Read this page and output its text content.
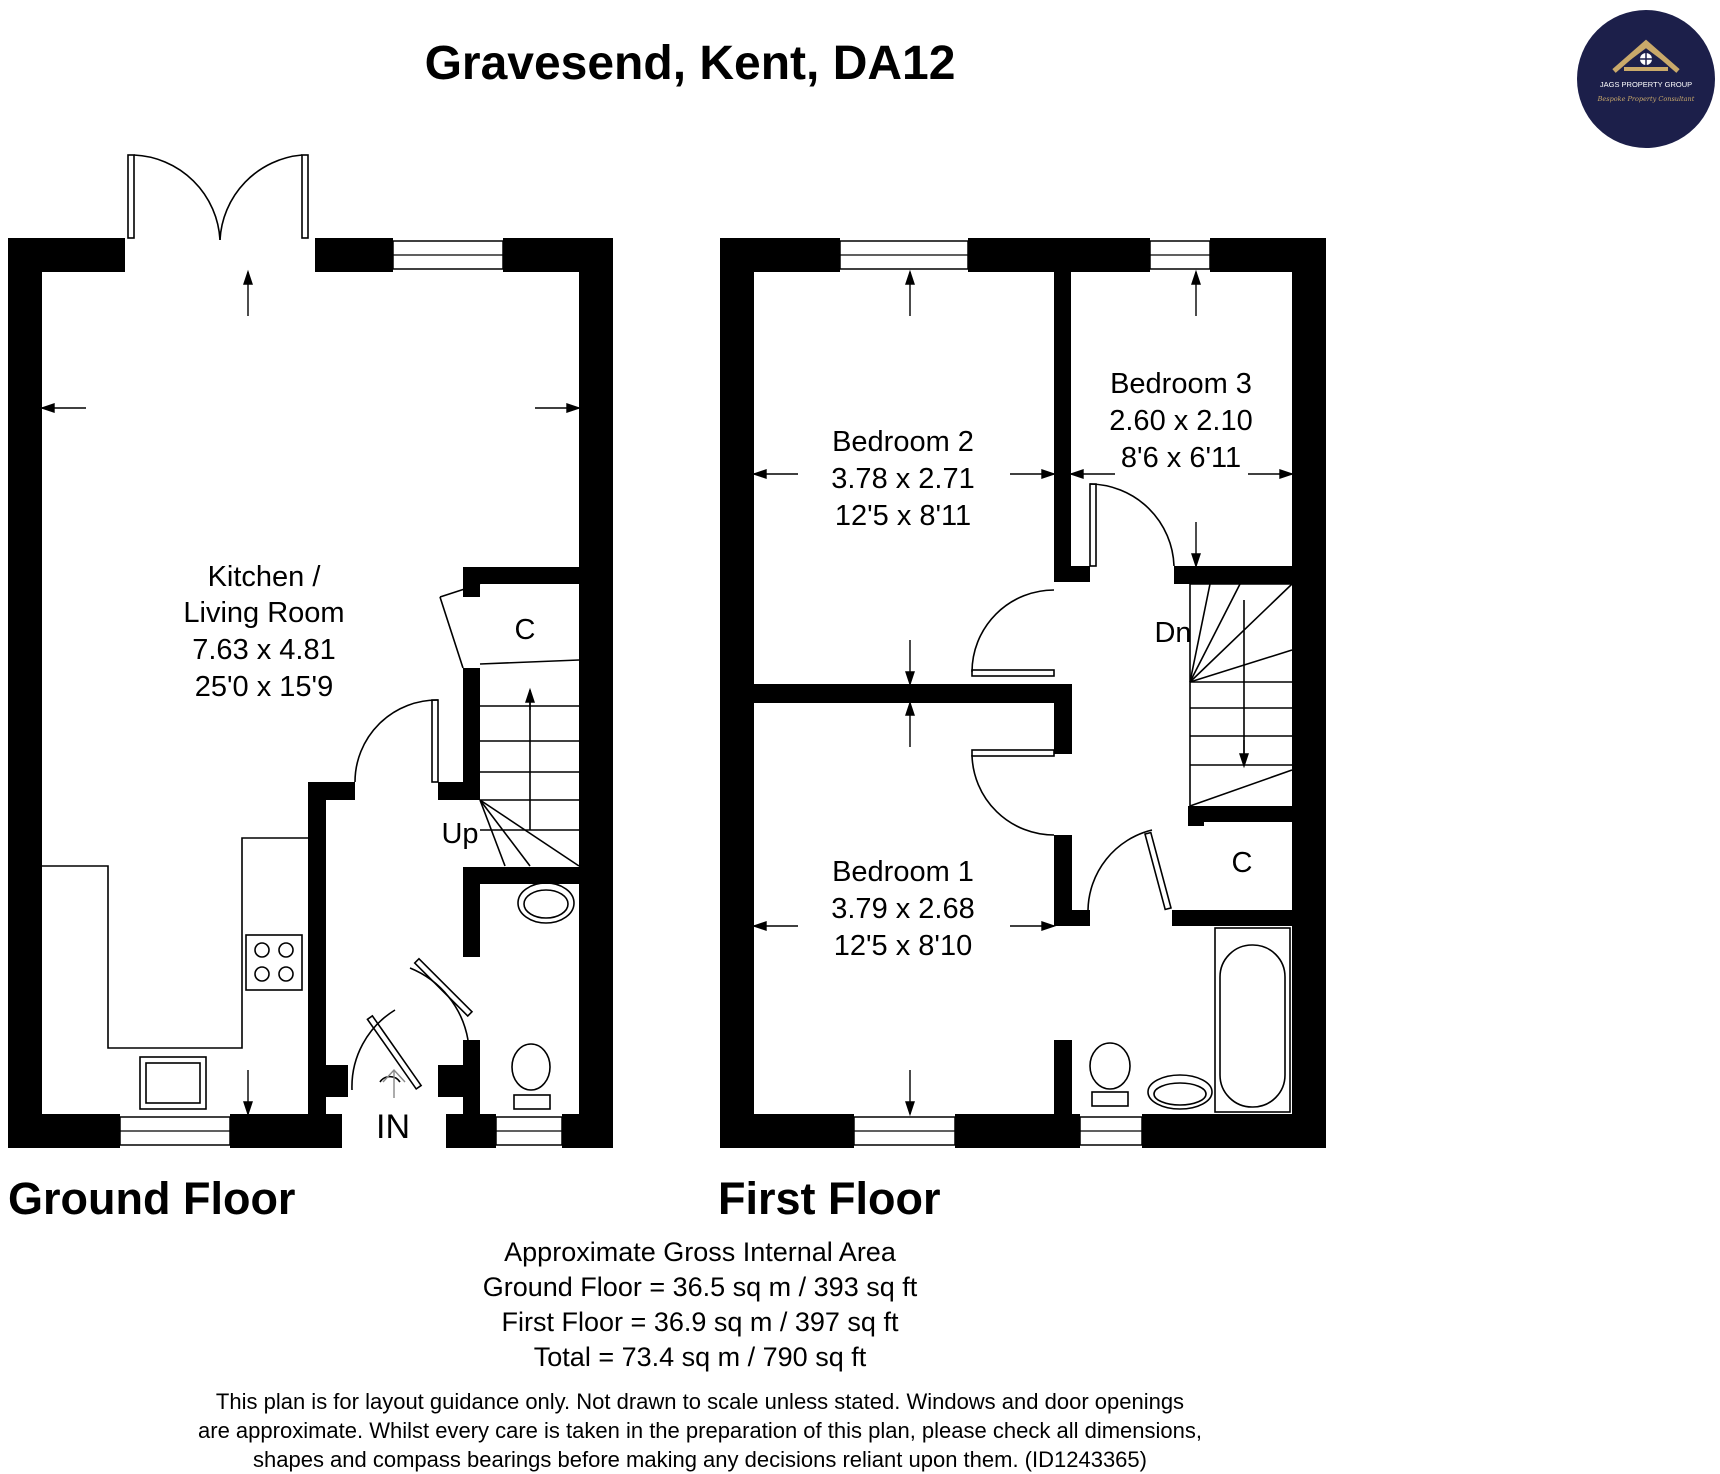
Gravesend, Kent, DA12	JAGS PROPERTY GROUP
Bespoke Property Consultant
Kitchen /
Living Room
7.63 x 4.81
25'0 x 15'9
C
Up
IN
Bedroom 2
3.78 x 2.71
12'5 x 8'11
Bedroom 3
2.60 x 2.10
8'6 x 6'11
Bedroom 1
3.79 x 2.68
12'5 x 8'10
Dn
C
Ground Floor	First Floor
Approximate Gross Internal Area
Ground Floor = 36.5 sq m / 393 sq ft
First Floor = 36.9 sq m / 397 sq ft
Total = 73.4 sq m / 790 sq ft
This plan is for layout guidance only. Not drawn to scale unless stated. Windows and door openings
are approximate. Whilst every care is taken in the preparation of this plan, please check all dimensions,
shapes and compass bearings before making any decisions reliant upon them. (ID1243365)
